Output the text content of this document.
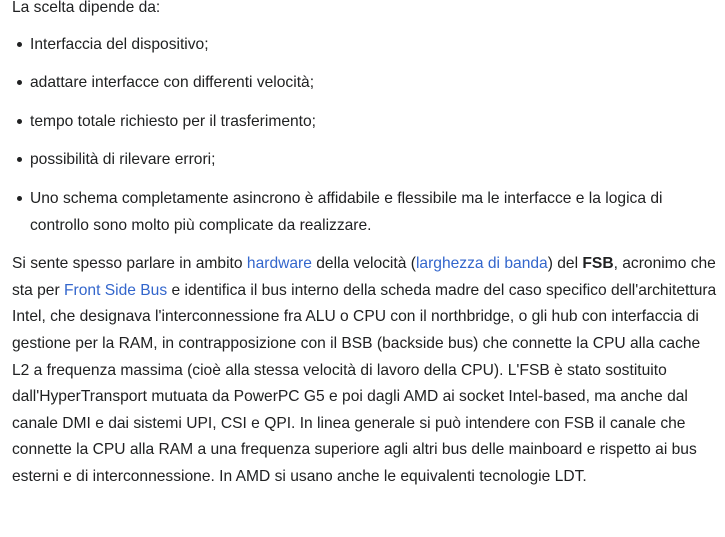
La scelta dipende da:

Interfaccia del dispositivo;
adattare interfacce con differenti velocità;
tempo totale richiesto per il trasferimento;
possibilità di rilevare errori;
Uno schema completamente asincrono è affidabile e flessibile ma le interfacce e la logica di controllo sono molto più complicate da realizzare.

Si sente spesso parlare in ambito hardware della velocità (larghezza di banda) del FSB, acronimo che sta per Front Side Bus e identifica il bus interno della scheda madre del caso specifico dell'architettura Intel, che designava l'interconnessione fra ALU o CPU con il northbridge, o gli hub con interfaccia di gestione per la RAM, in contrapposizione con il BSB (backside bus) che connette la CPU alla cache L2 a frequenza massima (cioè alla stessa velocità di lavoro della CPU). L'FSB è stato sostituito dall'HyperTransport mutuata da PowerPC G5 e poi dagli AMD ai socket Intel-based, ma anche dal canale DMI e dai sistemi UPI, CSI e QPI. In linea generale si può intendere con FSB il canale che connette la CPU alla RAM a una frequenza superiore agli altri bus delle mainboard e rispetto ai bus esterni e di interconnessione. In AMD si usano anche le equivalenti tecnologie LDT.
